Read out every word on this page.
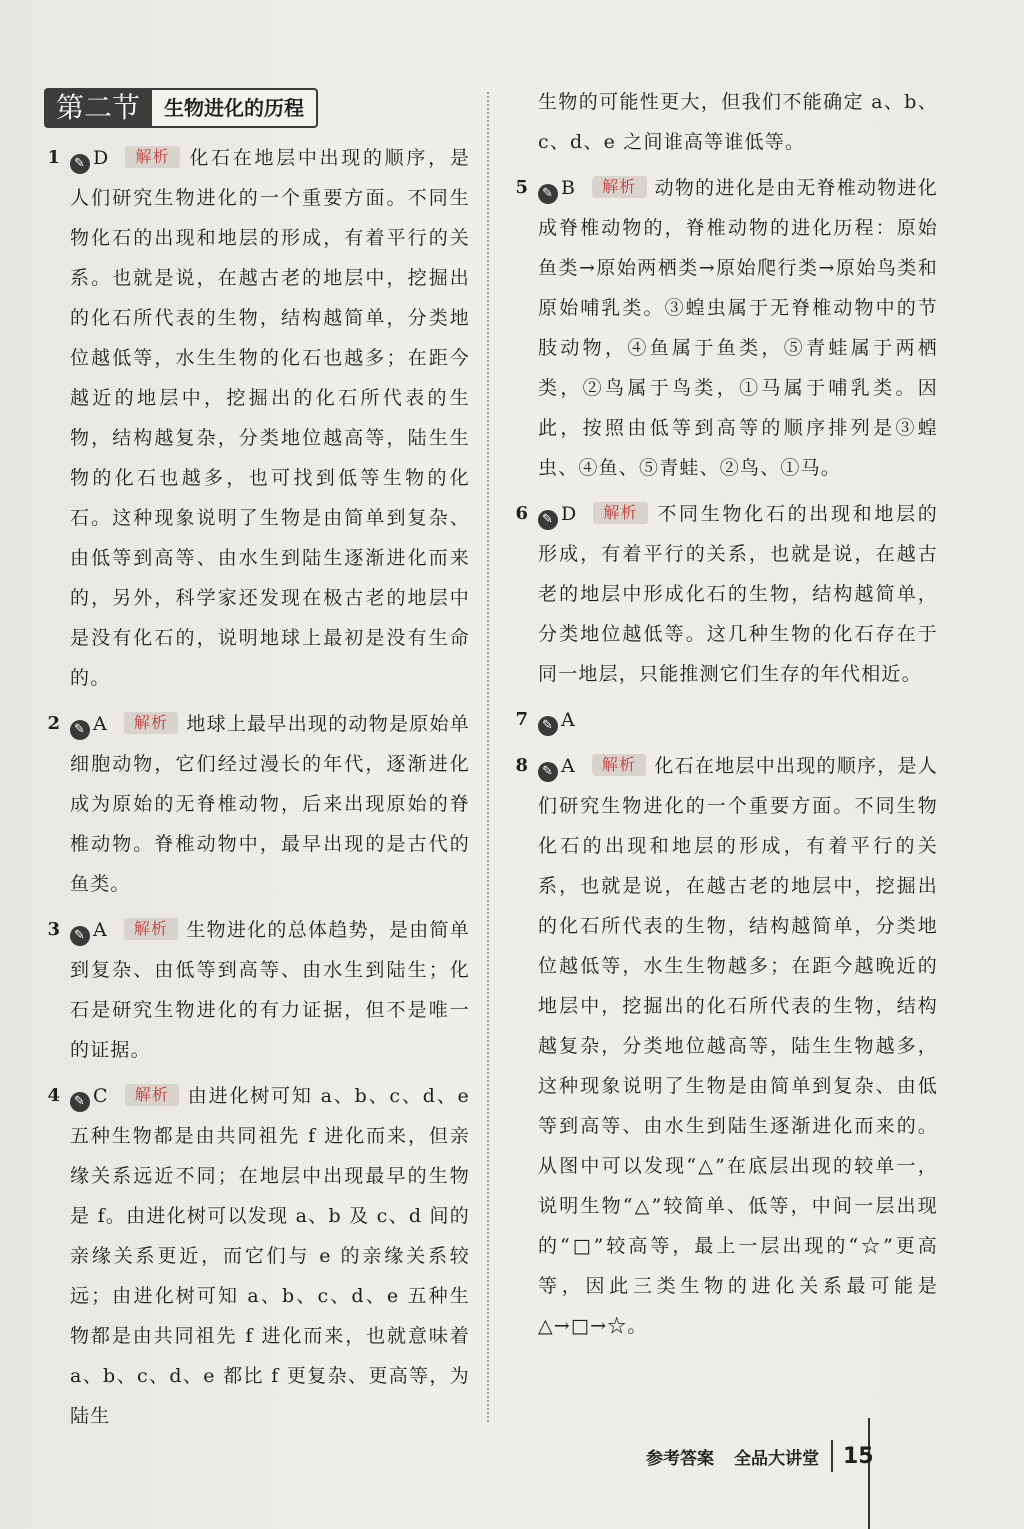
第二节	生物进化的历程
1	✎ D 解析 化石在地层中出现的顺序，是人们研究生物进化的一个重要方面。不同生物化石的出现和地层的形成，有着平行的关系。也就是说，在越古老的地层中，挖掘出的化石所代表的生物，结构越简单，分类地位越低等，水生生物的化石也越多；在距今越近的地层中，挖掘出的化石所代表的生物，结构越复杂，分类地位越高等，陆生生物的化石也越多，也可找到低等生物的化石。这种现象说明了生物是由简单到复杂、由低等到高等、由水生到陆生逐渐进化而来的，另外，科学家还发现在极古老的地层中是没有化石的，说明地球上最初是没有生命的。
2	✎ A 解析 地球上最早出现的动物是原始单细胞动物，它们经过漫长的年代，逐渐进化成为原始的无脊椎动物，后来出现原始的脊椎动物。脊椎动物中，最早出现的是古代的鱼类。
3	✎ A 解析 生物进化的总体趋势，是由简单到复杂、由低等到高等、由水生到陆生；化石是研究生物进化的有力证据，但不是唯一的证据。
4	✎ C 解析 由进化树可知 a、b、c、d、e 五种生物都是由共同祖先 f 进化而来，但亲缘关系远近不同；在地层中出现最早的生物是 f。由进化树可以发现 a、b 及 c、d 间的亲缘关系更近，而它们与 e 的亲缘关系较远；由进化树可知 a、b、c、d、e 五种生物都是由共同祖先 f 进化而来，也就意味着 a、b、c、d、e 都比 f 更复杂、更高等，为陆生
生物的可能性更大，但我们不能确定 a、b、c、d、e 之间谁高等谁低等。
5	✎ B 解析 动物的进化是由无脊椎动物进化成脊椎动物的，脊椎动物的进化历程：原始鱼类→原始两栖类→原始爬行类→原始鸟类和原始哺乳类。③蝗虫属于无脊椎动物中的节肢动物，④鱼属于鱼类，⑤青蛙属于两栖类，②鸟属于鸟类，①马属于哺乳类。因此，按照由低等到高等的顺序排列是③蝗虫、④鱼、⑤青蛙、②鸟、①马。
6	✎ D 解析 不同生物化石的出现和地层的形成，有着平行的关系，也就是说，在越古老的地层中形成化石的生物，结构越简单，分类地位越低等。这几种生物的化石存在于同一地层，只能推测它们生存的年代相近。
7	✎ A
8	✎ A 解析 化石在地层中出现的顺序，是人们研究生物进化的一个重要方面。不同生物化石的出现和地层的形成，有着平行的关系，也就是说，在越古老的地层中，挖掘出的化石所代表的生物，结构越简单，分类地位越低等，水生生物越多；在距今越晚近的地层中，挖掘出的化石所代表的生物，结构越复杂，分类地位越高等，陆生生物越多，这种现象说明了生物是由简单到复杂、由低等到高等、由水生到陆生逐渐进化而来的。从图中可以发现“△”在底层出现的较单一，说明生物“△”较简单、低等，中间一层出现的“□”较高等，最上一层出现的“☆”更高等，因此三类生物的进化关系最可能是 △→□→☆。
参考答案 全品大讲堂 15
